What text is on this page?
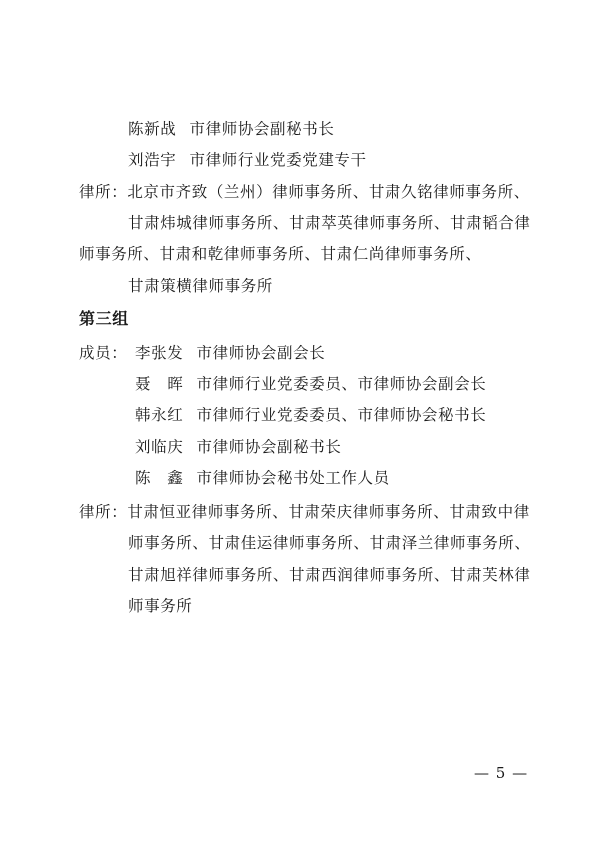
陈新战 市律师协会副秘书长
刘浩宇 市律师行业党委党建专干
律所：北京市齐致（兰州）律师事务所、甘肃久铭律师事务所、
甘肃炜城律师事务所、甘肃萃英律师事务所、甘肃韬合律
师事务所、甘肃和乾律师事务所、甘肃仁尚律师事务所、
甘肃策横律师事务所
第三组
成员： 李张发 市律师协会副会长
聂　晖 市律师行业党委委员、市律师协会副会长
韩永红 市律师行业党委委员、市律师协会秘书长
刘临庆 市律师协会副秘书长
陈　鑫 市律师协会秘书处工作人员
律所：甘肃恒亚律师事务所、甘肃荣庆律师事务所、甘肃致中律
师事务所、甘肃佳运律师事务所、甘肃泽兰律师事务所、
甘肃旭祥律师事务所、甘肃西润律师事务所、甘肃芙林律
师事务所
— 5 —
